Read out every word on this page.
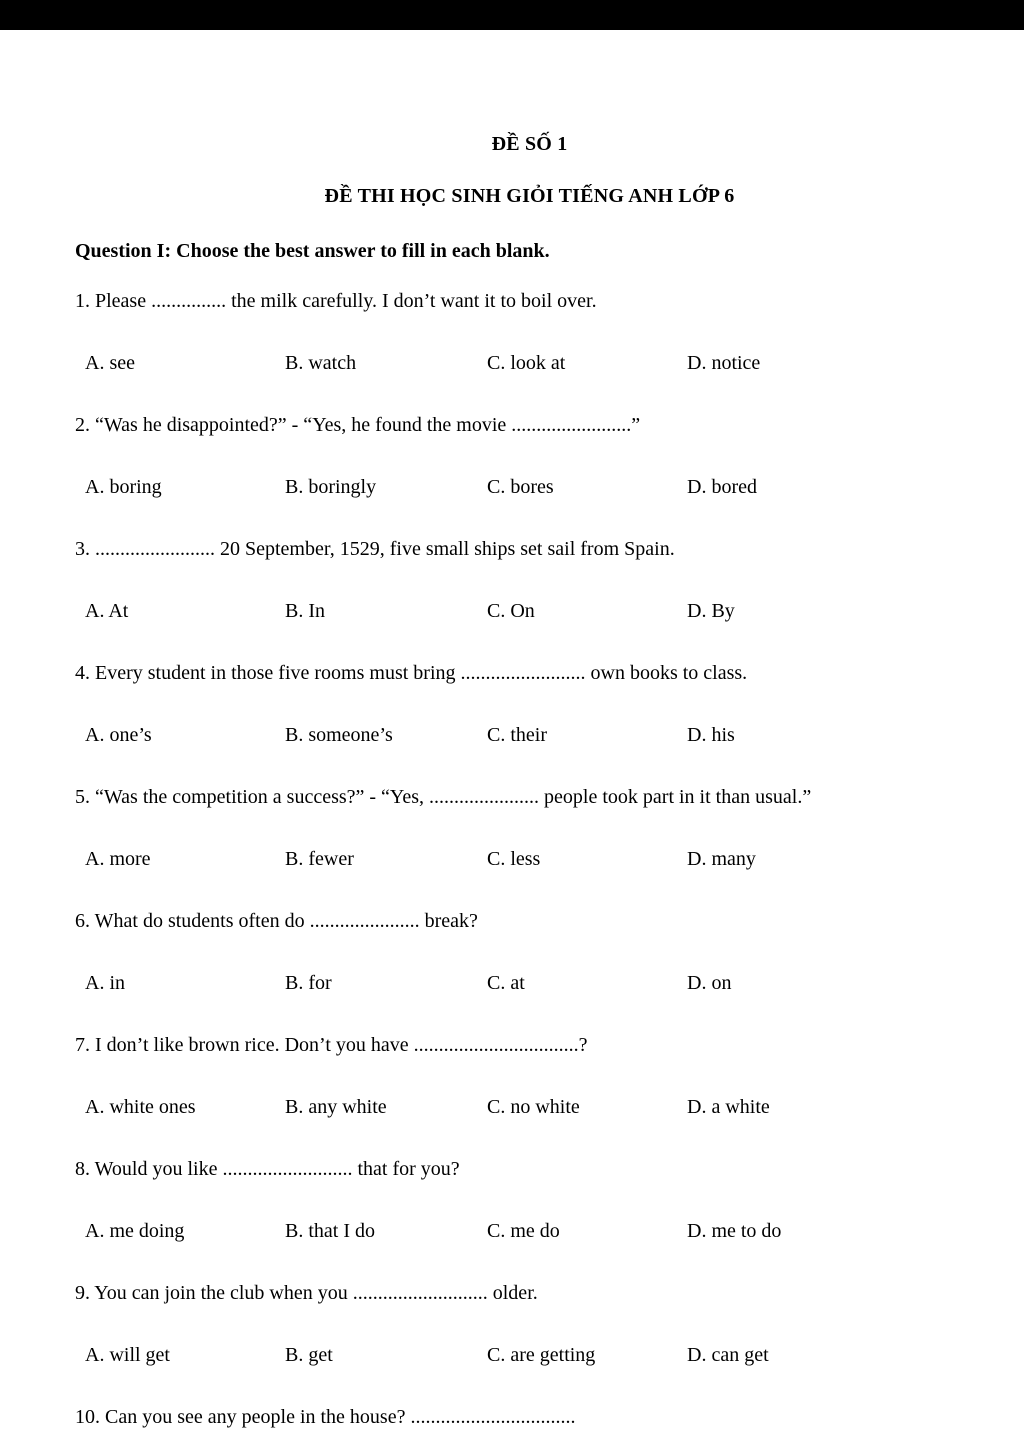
ĐỀ SỐ 1
ĐỀ THI HỌC SINH GIỎI TIẾNG ANH LỚP 6
Question I: Choose the best answer to fill in each blank.
1. Please ............... the milk carefully. I don’t want it to boil over.
A. see	B. watch	C. look at	D. notice
2. “Was he disappointed?” - “Yes, he found the movie ........................”
A. boring	B. boringly	C. bores	D. bored
3. ........................ 20 September, 1529, five small ships set sail from Spain.
A. At	B. In	C. On	D. By
4. Every student in those five rooms must bring ......................... own books to class.
A. one’s	B. someone’s	C. their	D. his
5. “Was the competition a success?” - “Yes, ...................... people took part in it than usual.”
A. more	B. fewer	C. less	D. many
6. What do students often do ...................... break?
A. in	B. for	C. at	D. on
7. I don’t like brown rice. Don’t you have .................................?
A. white ones	B. any white	C. no white	D. a white
8. Would you like .......................... that for you?
A. me doing	B. that I do	C. me do	D. me to do
9. You can join the club when you ........................... older.
A. will get	B. get	C. are getting	D. can get
10. Can you see any people in the house? .................................
